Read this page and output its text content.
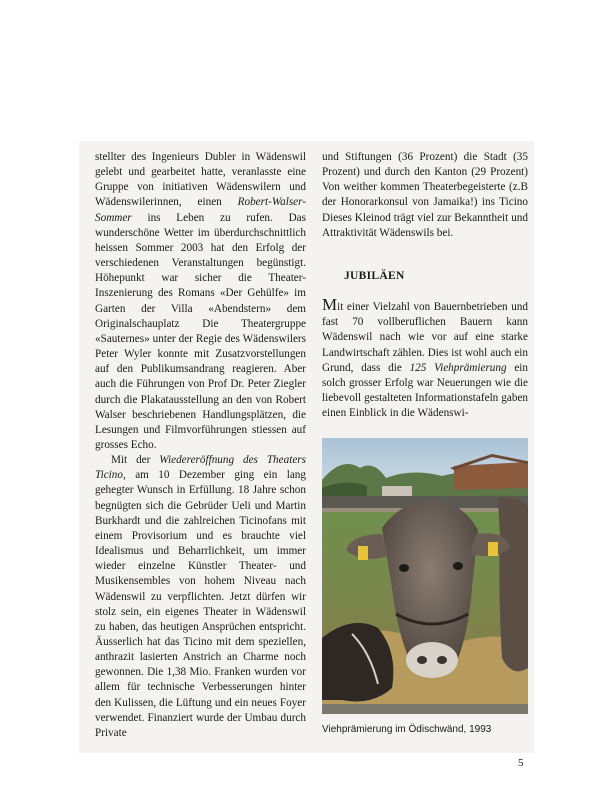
stellter des Ingenieurs Dubler in Wädenswil gelebt und gearbeitet hatte, veranlasste eine Gruppe von initiativen Wädenswilern und Wädenswilerinnen, einen Robert-Walser-Sommer ins Leben zu rufen. Das wunderschöne Wetter im überdurchschnittlich heissen Sommer 2003 hat den Erfolg der verschiedenen Veranstaltungen begünstigt. Höhepunkt war sicher die Theater-Inszenierung des Romans «Der Gehülfe» im Garten der Villa «Abendstern» dem Originalschauplatz Die Theatergruppe «Sauternes» unter der Regie des Wädenswilers Peter Wyler konnte mit Zusatzvorstellungen auf den Publikumsandrang reagieren. Aber auch die Führungen von Prof Dr. Peter Ziegler durch die Plakatausstellung an den von Robert Walser beschriebenen Handlungsplätzen, die Lesungen und Filmvorführungen stiessen auf grosses Echo.

Mit der Wiedereröffnung des Theaters Ticino, am 10 Dezember ging ein lang gehegter Wunsch in Erfüllung. 18 Jahre schon begnügten sich die Gebrüder Ueli und Martin Burkhardt und die zahlreichen Ticinofans mit einem Provisorium und es brauchte viel Idealismus und Beharrlichkeit, um immer wieder einzelne Künstler Theater- und Musikensembles von hohem Niveau nach Wädenswil zu verpflichten. Jetzt dürfen wir stolz sein, ein eigenes Theater in Wädenswil zu haben, das heutigen Ansprüchen entspricht. Äusserlich hat das Ticino mit dem speziellen, anthrazit lasierten Anstrich an Charme noch gewonnen. Die 1,38 Mio. Franken wurden vor allem für technische Verbesserungen hinter den Kulissen, die Lüftung und ein neues Foyer verwendet. Finanziert wurde der Umbau durch Private

und Stiftungen (36 Prozent) die Stadt (35 Prozent) und durch den Kanton (29 Prozent) Von weither kommen Theaterbegeisterte (z.B der Honorarkonsul von Jamaika!) ins Ticino Dieses Kleinod trägt viel zur Bekanntheit und Attraktivität Wädenswils bei.

JUBILÄEN

Mit einer Vielzahl von Bauernbetrieben und fast 70 vollberuflichen Bauern kann Wädenswil nach wie vor auf eine starke Landwirtschaft zählen. Dies ist wohl auch ein Grund, dass die 125 Viehprämierung ein solch grosser Erfolg war Neuerungen wie die liebevoll gestalteten Informationstafeln gaben einen Einblick in die Wädenswi-

Viehprämierung im Ödischwänd, 1993
5
